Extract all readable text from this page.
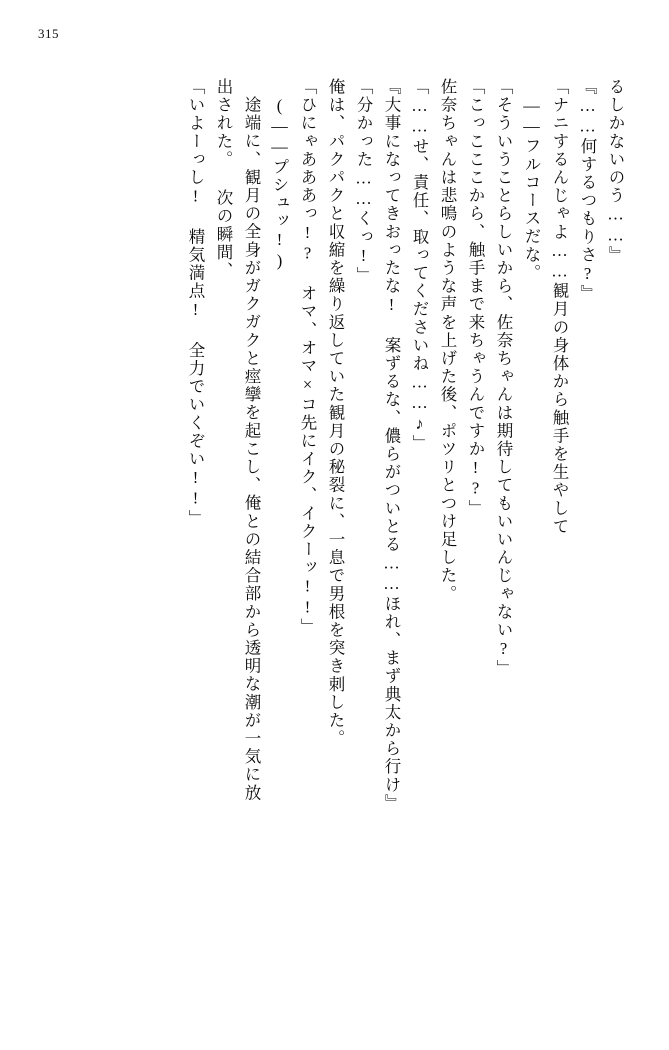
315
るしかないのう……』
『……何するつもりさ?』
「ナニするんじゃよ……観月の身体から触手を生やして
——フルコースだな。
「そういうことらしいから、佐奈ちゃんは期待してもいいんじゃない?」
「こっこここから、触手まで来ちゃうんですか!?」
佐奈ちゃんは悲鳴のような声を上げた後、ポツリとつけ足した。
「……せ、責任、取ってくださいね……♪」
『大事になってきおったな! 案ずるな、儂らがついとる……ほれ、まず典太から行け』
「分かった……くっ!」
俺は、パクパクと収縮を繰り返していた観月の秘裂に、一息で男根を突き刺した。
「ひにゃあああっ!? オマ、オマ×コ先にイク、イクーッ!!」
(——プシュッ!)
途端に、観月の全身がガクガクと痙攣を起こし、俺との結合部から透明な潮が一気に放
出された。 次の瞬間、
「いよーっし! 精気満点! 全力でいくぞい!!」
